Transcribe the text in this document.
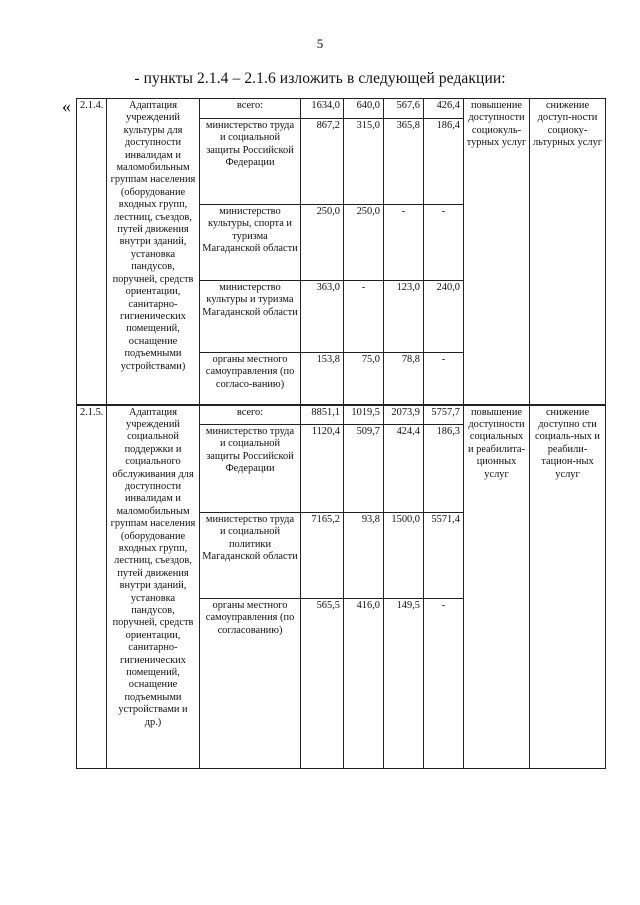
5
- пункты 2.1.4 – 2.1.6 изложить в следующей редакции:
« 2.1.4.	Адаптация учреждений культуры для доступности инвалидам и маломобильным группам населения (оборудование входных групп, лестниц, съездов, путей движения внутри зданий, установка пандусов, поручней, средств ориентации, санитарно-гигиенических помещений, оснащение подъемными устройствами)	всего:	1634,0	640,0	567,6	426,4	повышение доступности социокуль-турных услуг	снижение доступ-ности социоку-льтурных услуг
		министерство труда и социальной защиты Российской Федерации	867,2	315,0	365,8	186,4		
		министерство культуры, спорта и туризма Магаданской области	250,0	250,0	-	-		
		министерство культуры и туризма Магаданской области	363,0	-	123,0	240,0		
		органы местного самоуправления (по согласо-ванию)	153,8	75,0	78,8	-		
2.1.5.	Адаптация учреждений социальной поддержки и социального обслуживания для доступности инвалидам и маломобильным группам населения (оборудование входных групп, лестниц, съездов, путей движения внутри зданий, установка пандусов, поручней, средств ориентации, санитарно-гигиенических помещений, оснащение подъемными устройствами и др.)	всего:	8851,1	1019,5	2073,9	5757,7	повышение доступности социальных и реабилита-ционных услуг	снижение доступно сти социаль-ных и реабили-тацион-ных услуг
		министерство труда и социальной защиты Российской Федерации	1120,4	509,7	424,4	186,3		
		министерство труда и социальной политики Магаданской области	7165,2	93,8	1500,0	5571,4		
		органы местного самоуправления (по согласованию)	565,5	416,0	149,5	-		
